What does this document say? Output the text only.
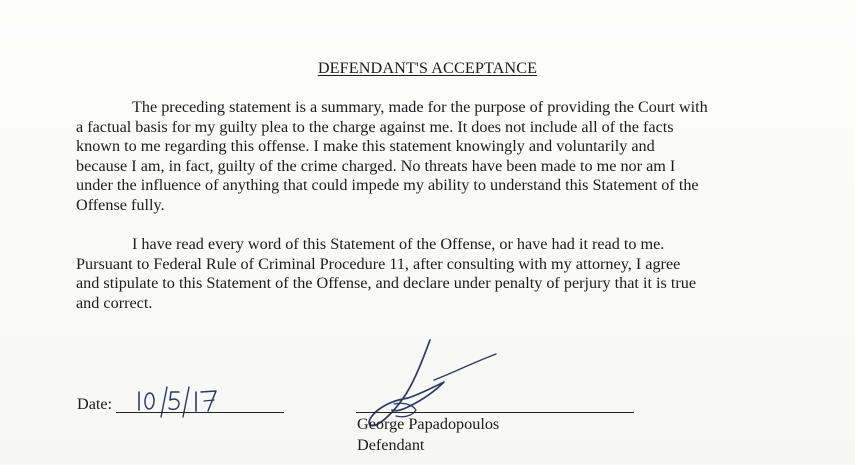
DEFENDANT'S ACCEPTANCE

The preceding statement is a summary, made for the purpose of providing the Court with
a factual basis for my guilty plea to the charge against me. It does not include all of the facts
known to me regarding this offense. I make this statement knowingly and voluntarily and
because I am, in fact, guilty of the crime charged. No threats have been made to me nor am I
under the influence of anything that could impede my ability to understand this Statement of the
Offense fully.

I have read every word of this Statement of the Offense, or have had it read to me.
Pursuant to Federal Rule of Criminal Procedure 11, after consulting with my attorney, I agree
and stipulate to this Statement of the Offense, and declare under penalty of perjury that it is true
and correct.

Date:
George Papadopoulos
Defendant
